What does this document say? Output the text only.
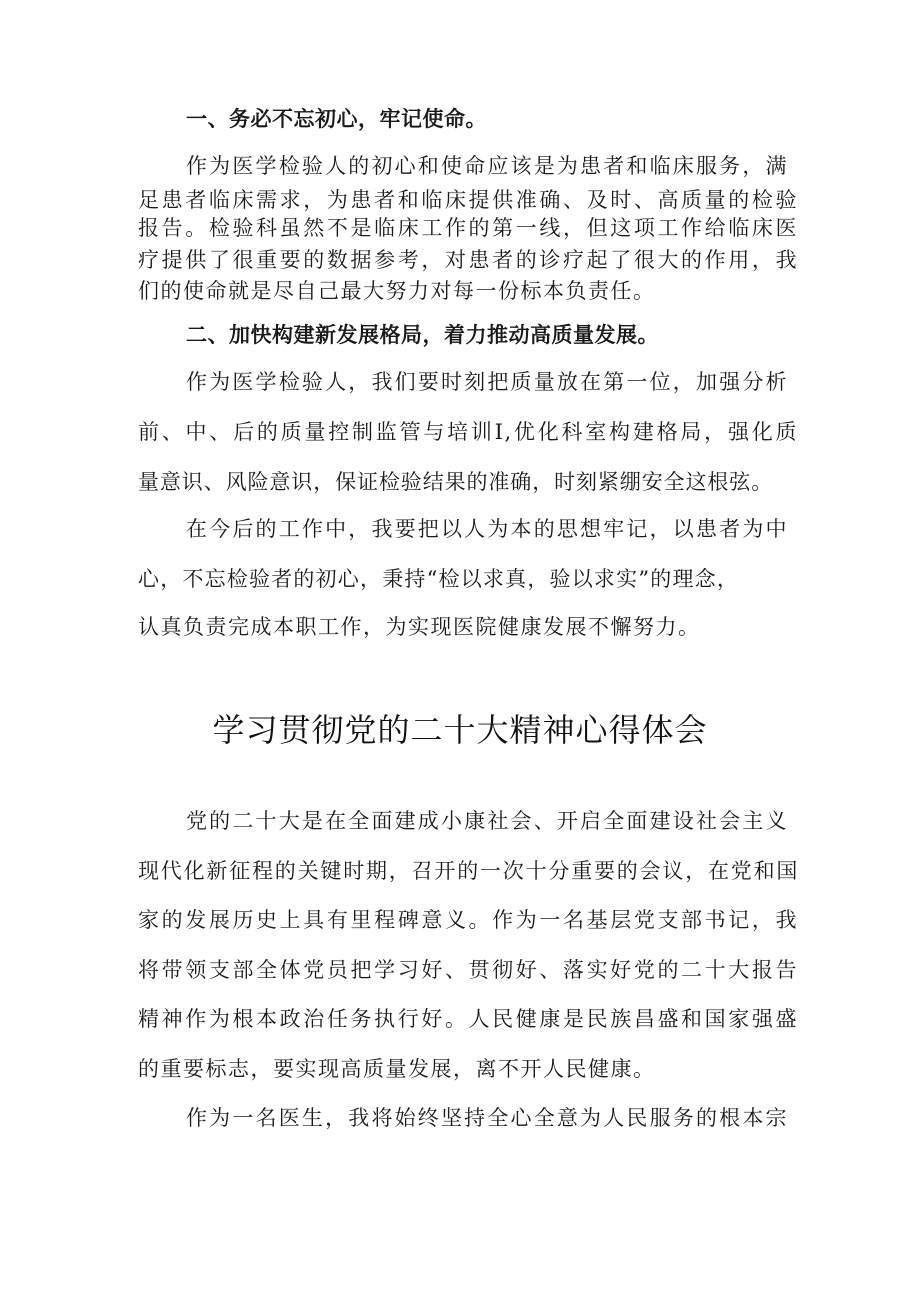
一、务必不忘初心，牢记使命。
作为医学检验人的初心和使命应该是为患者和临床服务，满
足患者临床需求，为患者和临床提供准确、及时、高质量的检验
报告。检验科虽然不是临床工作的第一线，但这项工作给临床医
疗提供了很重要的数据参考，对患者的诊疗起了很大的作用，我
们的使命就是尽自己最大努力对每一份标本负责任。
二、加快构建新发展格局，着力推动高质量发展。
作为医学检验人，我们要时刻把质量放在第一位，加强分析
前、中、后的质量控制监管与培训I,优化科室构建格局，强化质
量意识、风险意识，保证检验结果的准确，时刻紧绷安全这根弦。
在今后的工作中，我要把以人为本的思想牢记，以患者为中
心，不忘检验者的初心，秉持“检以求真，验以求实”的理念，
认真负责完成本职工作，为实现医院健康发展不懈努力。
学习贯彻党的二十大精神心得体会
党的二十大是在全面建成小康社会、开启全面建设社会主义
现代化新征程的关键时期，召开的一次十分重要的会议，在党和国
家的发展历史上具有里程碑意义。作为一名基层党支部书记，我
将带领支部全体党员把学习好、贯彻好、落实好党的二十大报告
精神作为根本政治任务执行好。人民健康是民族昌盛和国家强盛
的重要标志，要实现高质量发展，离不开人民健康。
作为一名医生，我将始终坚持全心全意为人民服务的根本宗
